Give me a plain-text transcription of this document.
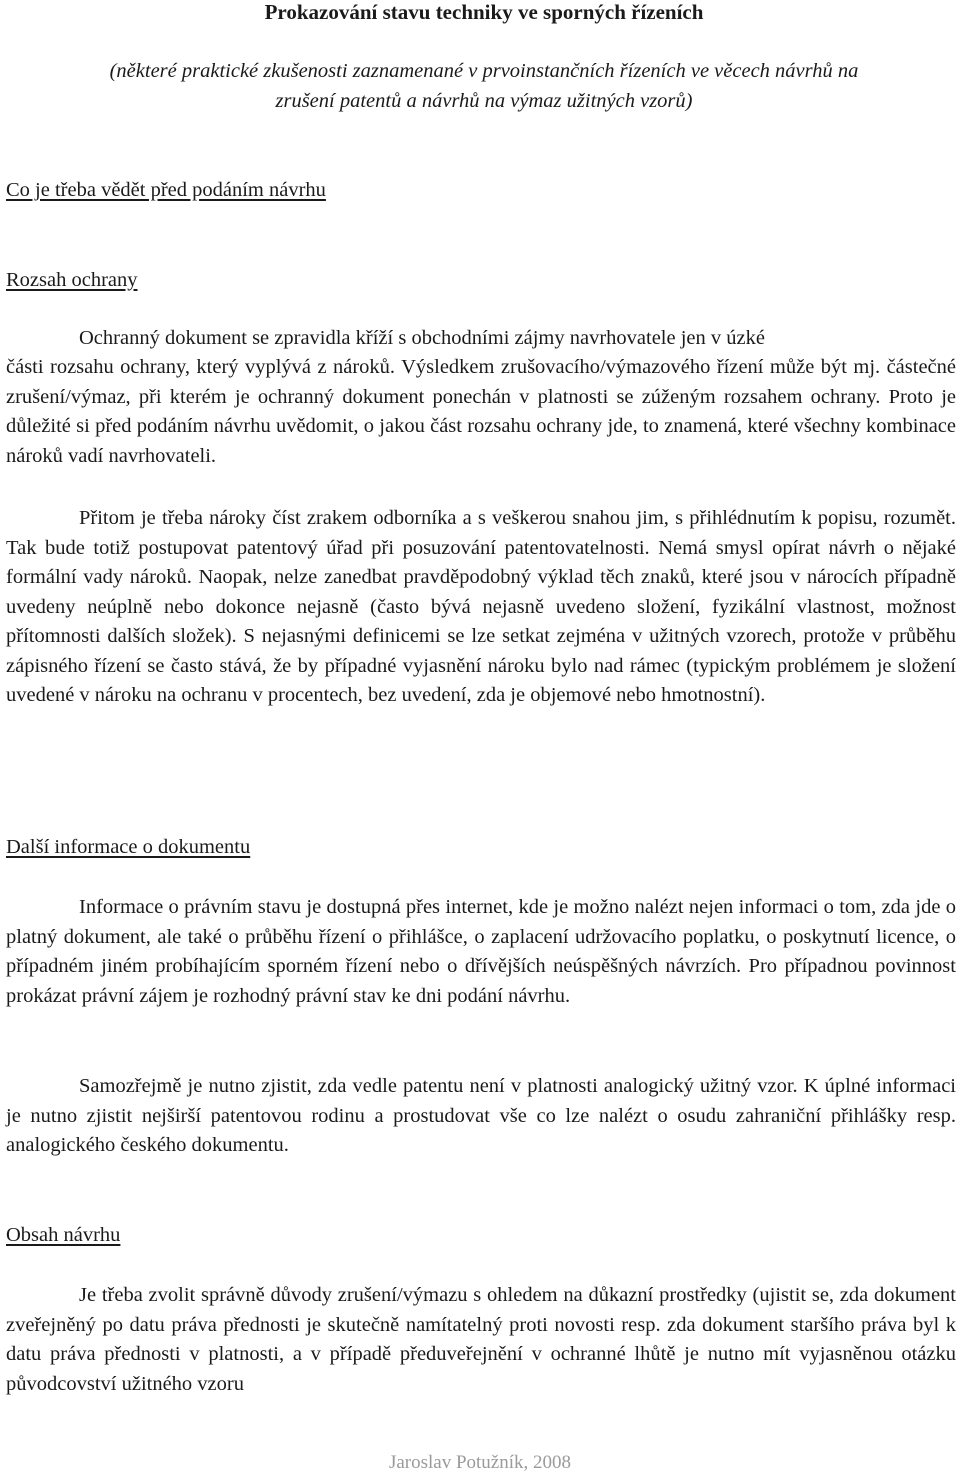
Prokazování stavu techniky ve sporných řízeních
(některé praktické zkušenosti zaznamenané v prvoinstančních řízeních ve věcech návrhů na
zrušení patentů a návrhů na výmaz užitných vzorů)
Co je třeba vědět před podáním návrhu
Rozsah ochrany

Ochranný dokument se zpravidla kříží s obchodními zájmy navrhovatele jen v úzké

části rozsahu ochrany, který vyplývá z nároků. Výsledkem zrušovacího/výmazového řízení může být mj. částečné zrušení/výmaz, při kterém je ochranný dokument ponechán v platnosti se zúženým rozsahem ochrany. Proto je důležité si před podáním návrhu uvědomit, o jakou část rozsahu ochrany jde, to znamená, které všechny kombinace nároků vadí navrhovateli.

Přitom je třeba nároky číst zrakem odborníka a s veškerou snahou jim, s přihlédnutím k popisu, rozumět. Tak bude totiž postupovat patentový úřad při posuzování patentovatelnosti. Nemá smysl opírat návrh o nějaké formální vady nároků. Naopak, nelze zanedbat pravděpodobný výklad těch znaků, které jsou v nárocích případně uvedeny neúplně nebo dokonce nejasně (často bývá nejasně uvedeno složení, fyzikální vlastnost, možnost přítomnosti dalších složek). S nejasnými definicemi se lze setkat zejména v užitných vzorech, protože v průběhu zápisného řízení se často stává, že by případné vyjasnění nároku bylo nad rámec (typickým problémem je složení uvedené v nároku na ochranu v procentech, bez uvedení, zda je objemové nebo hmotnostní).

Další informace o dokumentu

Informace o právním stavu je dostupná přes internet, kde je možno nalézt nejen informaci o tom, zda jde o platný dokument, ale také o průběhu řízení o přihlášce, o zaplacení udržovacího poplatku, o poskytnutí licence, o případném jiném probíhajícím sporném řízení nebo o dřívějších neúspěšných návrzích. Pro případnou povinnost prokázat právní zájem je rozhodný právní stav ke dni podání návrhu.

Samozřejmě je nutno zjistit, zda vedle patentu není v platnosti analogický užitný vzor. K úplné informaci je nutno zjistit nejširší patentovou rodinu a prostudovat vše co lze nalézt o osudu zahraniční přihlášky resp. analogického českého dokumentu.

Obsah návrhu

Je třeba zvolit správně důvody zrušení/výmazu s ohledem na důkazní prostředky (ujistit se, zda dokument zveřejněný po datu práva přednosti je skutečně namítatelný proti novosti resp. zda dokument staršího práva byl k datu práva přednosti v platnosti, a v případě předuveřejnění v ochranné lhůtě je nutno mít vyjasněnou otázku původcovství užitného vzoru

Jaroslav Potužník, 2008
